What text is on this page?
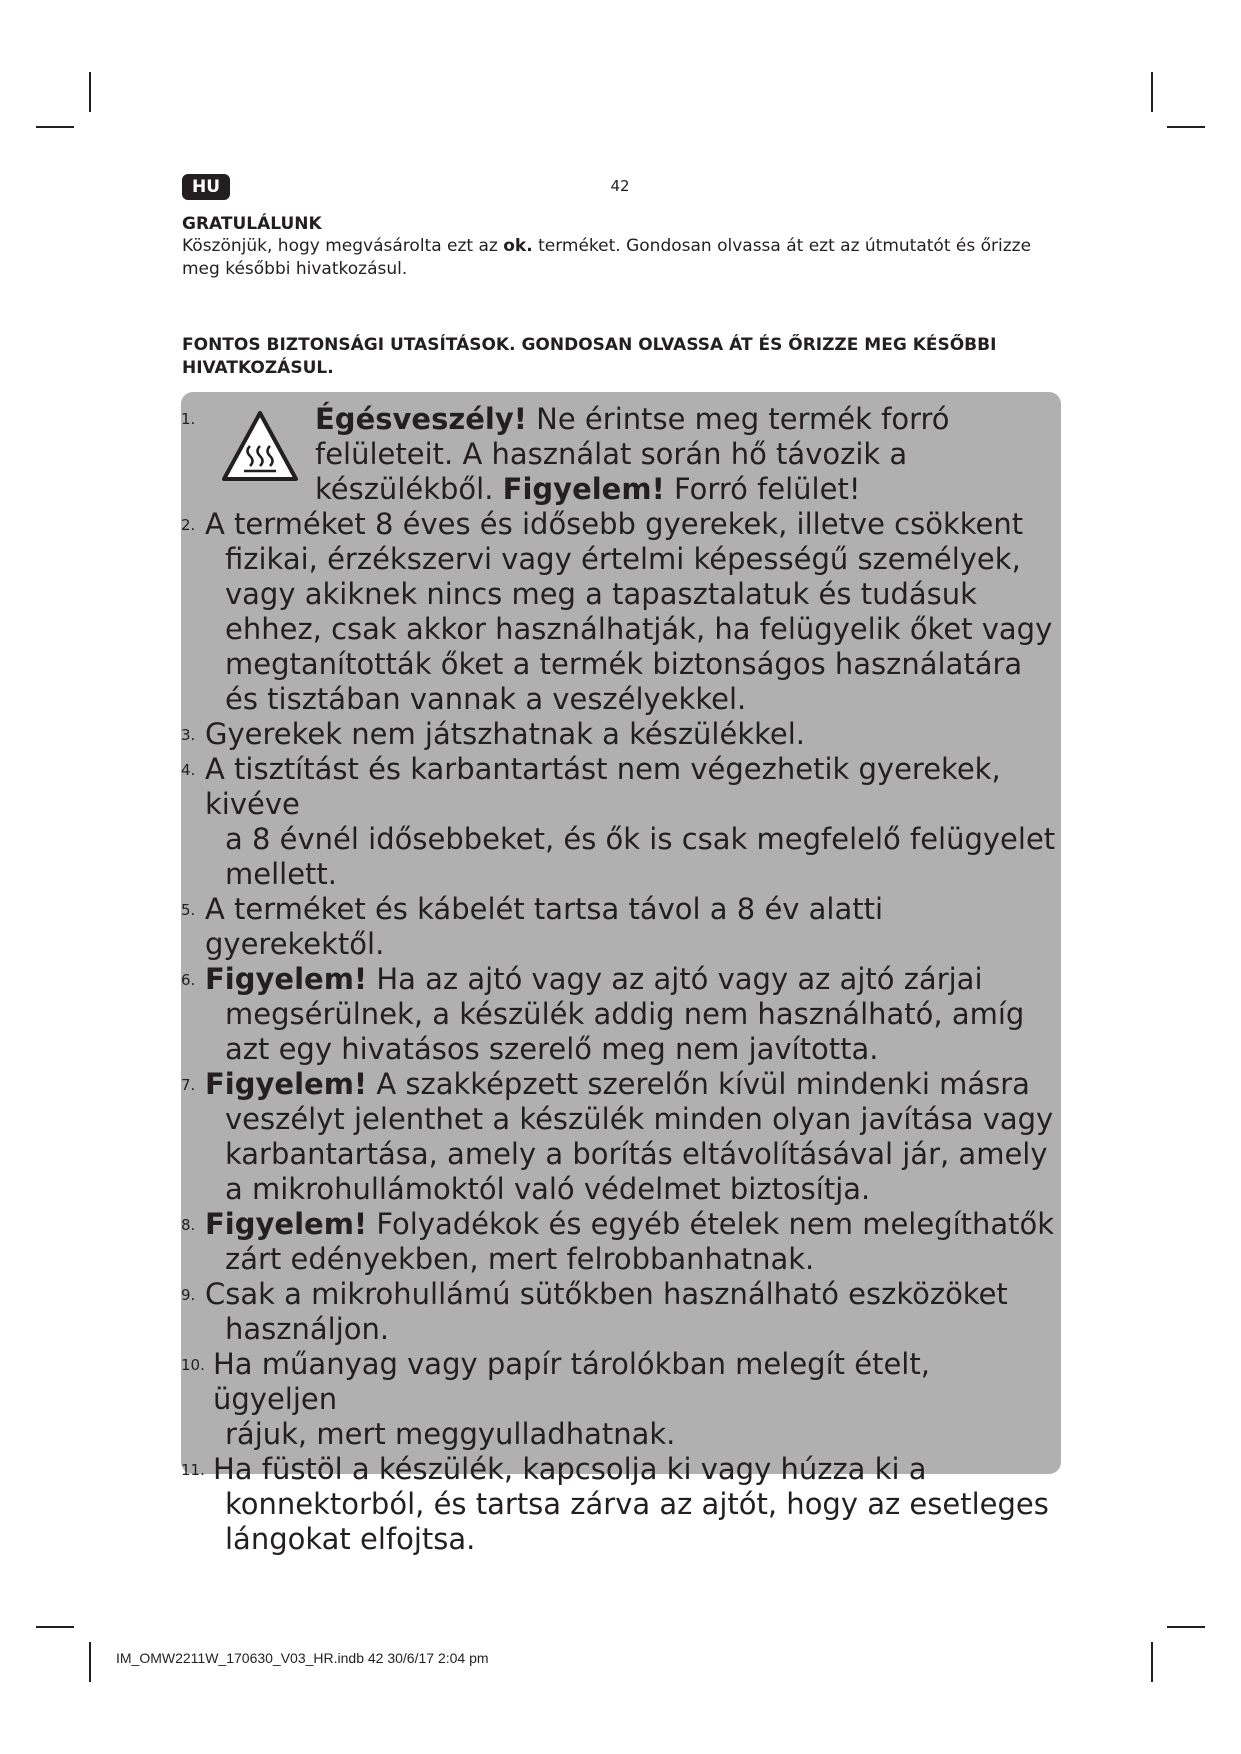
HU	42
GRATULÁLUNK

Köszönjük, hogy megvásárolta ezt az ok. terméket. Gondosan olvassa át ezt az útmutatót és őrizze meg későbbi hivatkozásul.

FONTOS BIZTONSÁGI UTASÍTÁSOK. GONDOSAN OLVASSA ÁT ÉS ŐRIZZE MEG KÉSŐBBI HIVATKOZÁSUL.

1.	Égésveszély! Ne érintse meg termék forró felületeit. A használat során hő távozik a készülékből. Figyelem! Forró felület!
2. A terméket 8 éves és idősebb gyerekek, illetve csökkent
fizikai, érzékszervi vagy értelmi képességű személyek, vagy akiknek nincs meg a tapasztalatuk és tudásuk ehhez, csak akkor használhatják, ha felügyelik őket vagy megtanították őket a termék biztonságos használatára és tisztában vannak a veszélyekkel.
3. Gyerekek nem játszhatnak a készülékkel.
4. A tisztítást és karbantartást nem végezhetik gyerekek, kivéve
a 8 évnél idősebbeket, és ők is csak megfelelő felügyelet mellett.
5. A terméket és kábelét tartsa távol a 8 év alatti gyerekektől.
6. Figyelem! Ha az ajtó vagy az ajtó vagy az ajtó zárjai
megsérülnek, a készülék addig nem használható, amíg azt egy hivatásos szerelő meg nem javította.
7. Figyelem! A szakképzett szerelőn kívül mindenki másra
veszélyt jelenthet a készülék minden olyan javítása vagy karbantartása, amely a borítás eltávolításával jár, amely a mikrohullámoktól való védelmet biztosítja.
8. Figyelem! Folyadékok és egyéb ételek nem melegíthatők
zárt edényekben, mert felrobbanhatnak.
9. Csak a mikrohullámú sütőkben használható eszközöket
használjon.
10. Ha műanyag vagy papír tárolókban melegít ételt, ügyeljen
rájuk, mert meggyulladhatnak.
11. Ha füstöl a készülék, kapcsolja ki vagy húzza ki a
konnektorból, és tartsa zárva az ajtót, hogy az esetleges lángokat elfojtsa.
IM_OMW2211W_170630_V03_HR.indb 42 30/6/17 2:04 pm
